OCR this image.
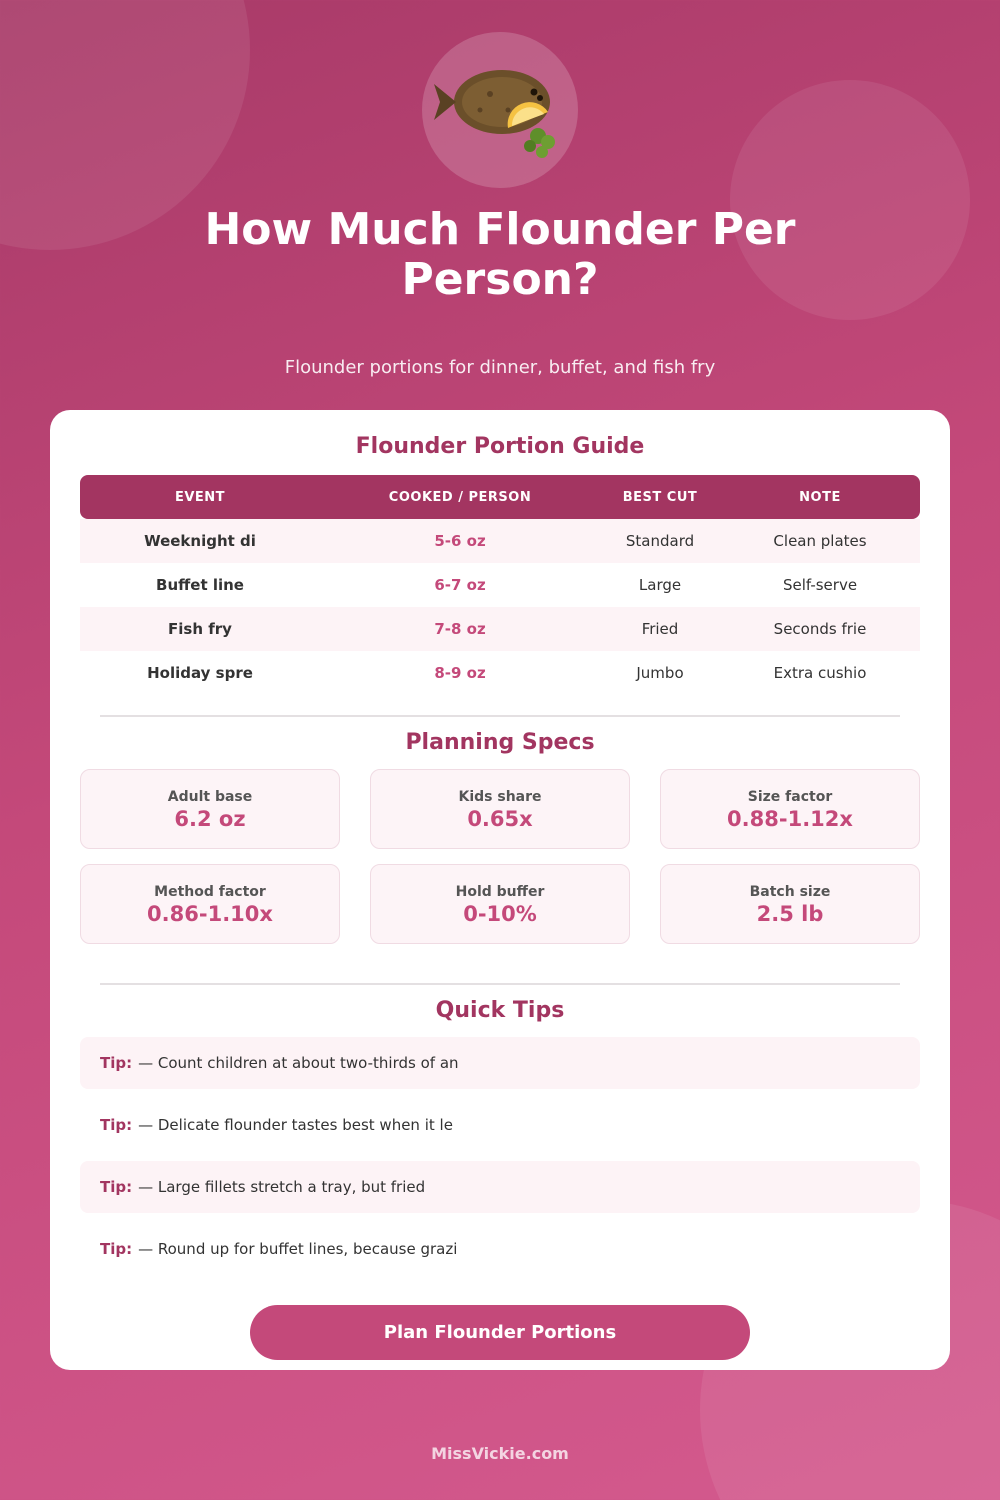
How Much Flounder Per Person?

Flounder portions for dinner, buffet, and fish fry

Flounder Portion Guide
EVENT	COOKED / PERSON	BEST CUT	NOTE
Weeknight di	5-6 oz	Standard	Clean plates
Buffet line	6-7 oz	Large	Self-serve
Fish fry	7-8 oz	Fried	Seconds frie
Holiday spre	8-9 oz	Jumbo	Extra cushio
Planning Specs
Adult base
6.2 oz
Kids share
0.65x
Size factor
0.88-1.12x
Method factor
0.86-1.10x
Hold buffer
0-10%
Batch size
2.5 lb
Quick Tips
Tip: — Count children at about two-thirds of an
Tip: — Delicate flounder tastes best when it le
Tip: — Large fillets stretch a tray, but fried
Tip: — Round up for buffet lines, because grazi
Plan Flounder Portions
MissVickie.com
